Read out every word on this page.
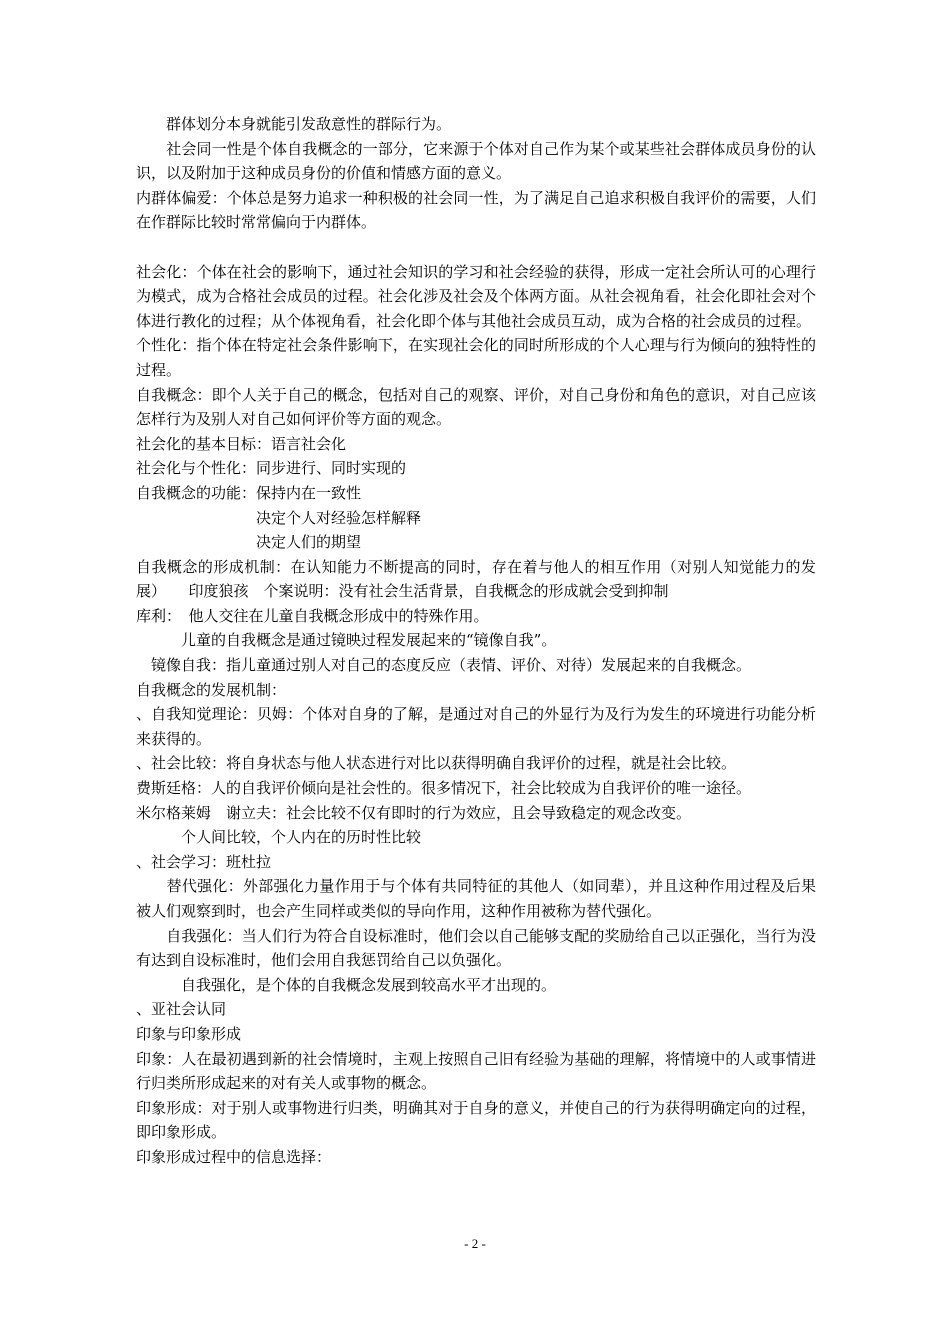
　　群体划分本身就能引发敌意性的群际行为。

　　社会同一性是个体自我概念的一部分，它来源于个体对自己作为某个或某些社会群体成员身份的认识，以及附加于这种成员身份的价值和情感方面的意义。

内群体偏爱：个体总是努力追求一种积极的社会同一性，为了满足自己追求积极自我评价的需要，人们在作群际比较时常常偏向于内群体。

社会化：个体在社会的影响下，通过社会知识的学习和社会经验的获得，形成一定社会所认可的心理行为模式，成为合格社会成员的过程。社会化涉及社会及个体两方面。从社会视角看，社会化即社会对个体进行教化的过程；从个体视角看，社会化即个体与其他社会成员互动，成为合格的社会成员的过程。

个性化：指个体在特定社会条件影响下，在实现社会化的同时所形成的个人心理与行为倾向的独特性的过程。

自我概念：即个人关于自己的概念，包括对自己的观察、评价，对自己身份和角色的意识，对自己应该怎样行为及别人对自己如何评价等方面的观念。

社会化的基本目标：语言社会化

社会化与个性化：同步进行、同时实现的

自我概念的功能：保持内在一致性

　　　　　　　　决定个人对经验怎样解释

　　　　　　　　决定人们的期望

自我概念的形成机制：在认知能力不断提高的同时，存在着与他人的相互作用（对别人知觉能力的发展）　　印度狼孩　个案说明：没有社会生活背景，自我概念的形成就会受到抑制

库利：　他人交往在儿童自我概念形成中的特殊作用。

　　　儿童的自我概念是通过镜映过程发展起来的“镜像自我”。

　镜像自我：指儿童通过别人对自己的态度反应（表情、评价、对待）发展起来的自我概念。

自我概念的发展机制：

、自我知觉理论：贝姆：个体对自身的了解，是通过对自己的外显行为及行为发生的环境进行功能分析来获得的。

、社会比较：将自身状态与他人状态进行对比以获得明确自我评价的过程，就是社会比较。

费斯廷格：人的自我评价倾向是社会性的。很多情况下，社会比较成为自我评价的唯一途径。

米尔格莱姆　谢立夫：社会比较不仅有即时的行为效应，且会导致稳定的观念改变。

　　　个人间比较，个人内在的历时性比较

、社会学习：班杜拉

　　替代强化：外部强化力量作用于与个体有共同特征的其他人（如同辈），并且这种作用过程及后果被人们观察到时，也会产生同样或类似的导向作用，这种作用被称为替代强化。

　　自我强化：当人们行为符合自设标准时，他们会以自己能够支配的奖励给自己以正强化，当行为没有达到自设标准时，他们会用自我惩罚给自己以负强化。

　　　自我强化，是个体的自我概念发展到较高水平才出现的。

、亚社会认同

印象与印象形成

印象：人在最初遇到新的社会情境时，主观上按照自己旧有经验为基础的理解，将情境中的人或事情进行归类所形成起来的对有关人或事物的概念。

印象形成：对于别人或事物进行归类，明确其对于自身的意义，并使自己的行为获得明确定向的过程，即印象形成。

印象形成过程中的信息选择：

- 2 -
